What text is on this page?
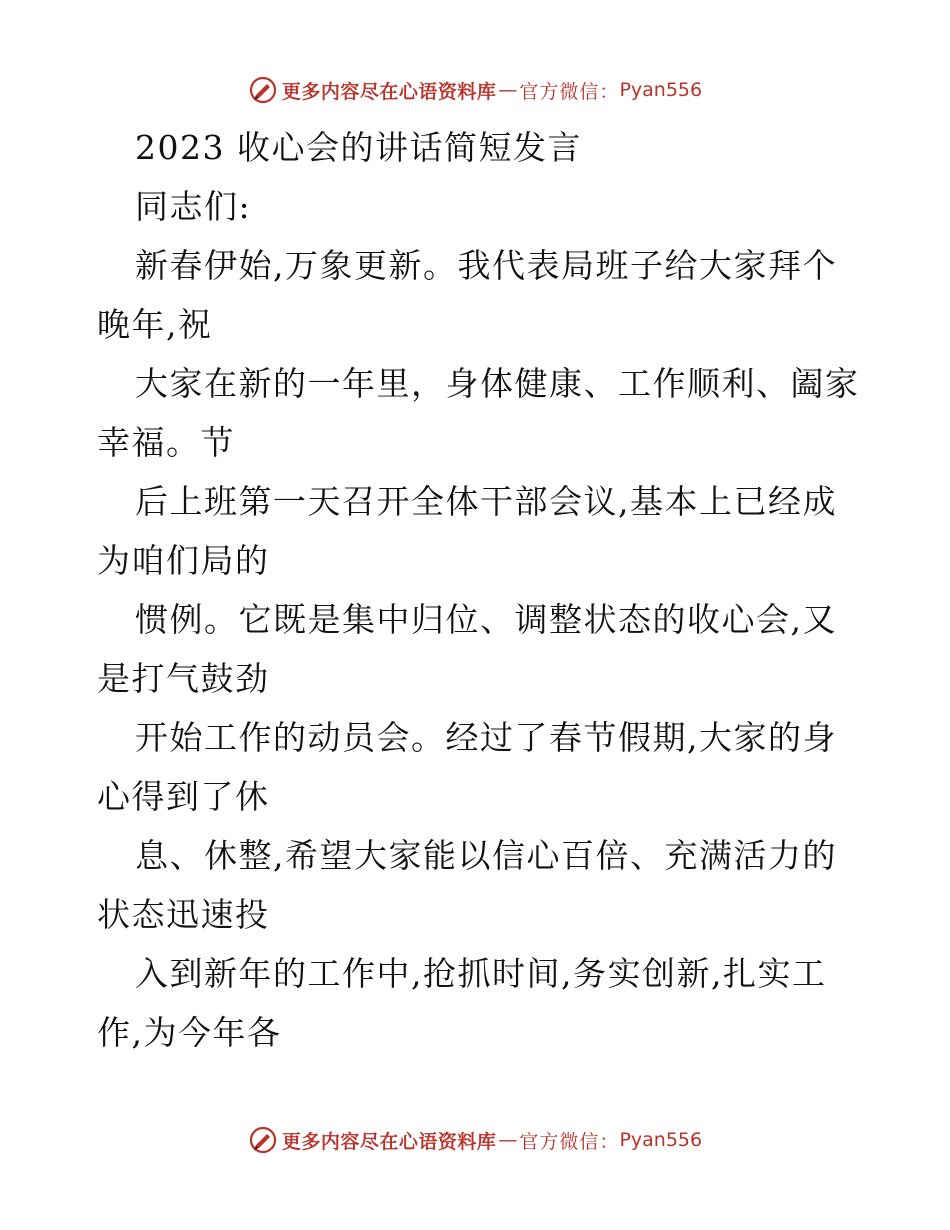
更多内容尽在心语资料库 — 官方微信： Pyan556
2023 收心会的讲话简短发言
同志们:
新春伊始,万象更新。我代表局班子给大家拜个
晚年,祝
大家在新的一年里，身体健康、工作顺利、阖家
幸福。节
后上班第一天召开全体干部会议,基本上已经成
为咱们局的
惯例。它既是集中归位、调整状态的收心会,又
是打气鼓劲
开始工作的动员会。经过了春节假期,大家的身
心得到了休
息、休整,希望大家能以信心百倍、充满活力的
状态迅速投
入到新年的工作中,抢抓时间,务实创新,扎实工
作,为今年各
更多内容尽在心语资料库 — 官方微信： Pyan556
